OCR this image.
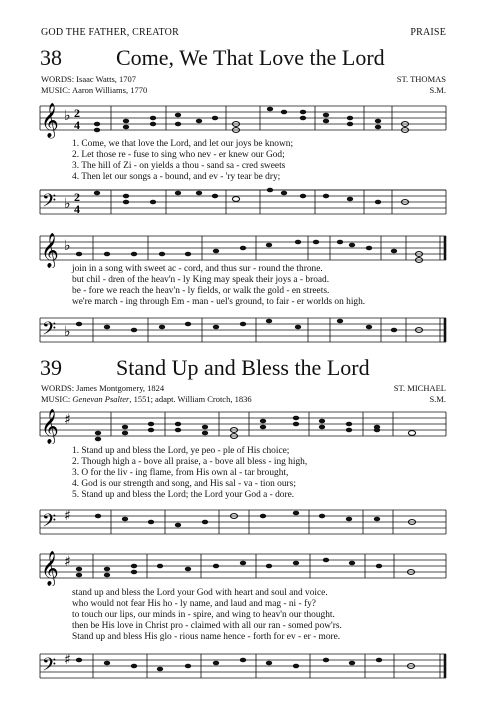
GOD THE FATHER, CREATOR	PRAISE
38 Come, We That Love the Lord
WORDS: Isaac Watts, 1707
MUSIC: Aaron Williams, 1770
ST. THOMAS
S.M.
𝄞 ♭ 2
4
1. Come, we that love the Lord, and let our joys be known;
2. Let those re - fuse to sing who nev - er knew our God;
3. The hill of Zi - on yields a thou - sand sa - cred sweets
4. Then let our songs a - bound, and ev - 'ry tear be dry;
𝄢 ♭ 2
4
𝄞 ♭
join in a song with sweet ac - cord, and thus sur - round the throne.
but chil - dren of the heav'n - ly King may speak their joys a - broad.
be - fore we reach the heav'n - ly fields, or walk the gold - en streets.
we're march - ing through Em - man - uel's ground, to fair - er worlds on high.
𝄢 ♭
39 Stand Up and Bless the Lord
WORDS: James Montgomery, 1824
MUSIC: Genevan Psalter, 1551; adapt. William Crotch, 1836
ST. MICHAEL
S.M.
𝄞 ♯
1. Stand up and bless the Lord, ye peo - ple of His choice;
2. Though high a - bove all praise, a - bove all bless - ing high,
3. O for the liv - ing flame, from His own al - tar brought,
4. God is our strength and song, and His sal - va - tion ours;
5. Stand up and bless the Lord; the Lord your God a - dore.
𝄢 ♯
𝄞 ♯
stand up and bless the Lord your God with heart and soul and voice.
who would not fear His ho - ly name, and laud and mag - ni - fy?
to touch our lips, our minds in - spire, and wing to heav'n our thought.
then be His love in Christ pro - claimed with all our ran - somed pow'rs.
Stand up and bless His glo - rious name hence - forth for ev - er - more.
𝄢 ♯
